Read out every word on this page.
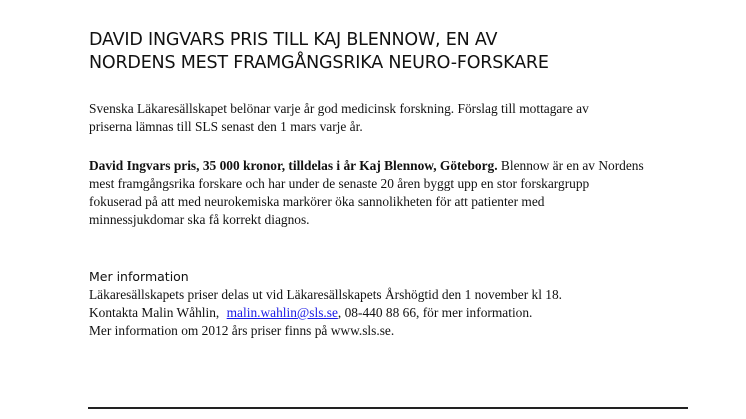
DAVID INGVARS PRIS TILL KAJ BLENNOW, EN AV
NORDENS MEST FRAMGÅNGSRIKA NEURO-FORSKARE

Svenska Läkaresällskapet belönar varje år god medicinsk forskning. Förslag till mottagare av
priserna lämnas till SLS senast den 1 mars varje år.

David Ingvars pris, 35 000 kronor, tilldelas i år Kaj Blennow, Göteborg. Blennow är en av Nordens
mest framgångsrika forskare och har under de senaste 20 åren byggt upp en stor forskargrupp
fokuserad på att med neurokemiska markörer öka sannolikheten för att patienter med
minnessjukdomar ska få korrekt diagnos.

Mer information

Läkaresällskapets priser delas ut vid Läkaresällskapets Årshögtid den 1 november kl 18.
Kontakta Malin Wåhlin, malin.wahlin@sls.se, 08-440 88 66, för mer information.
Mer information om 2012 års priser finns på www.sls.se.
